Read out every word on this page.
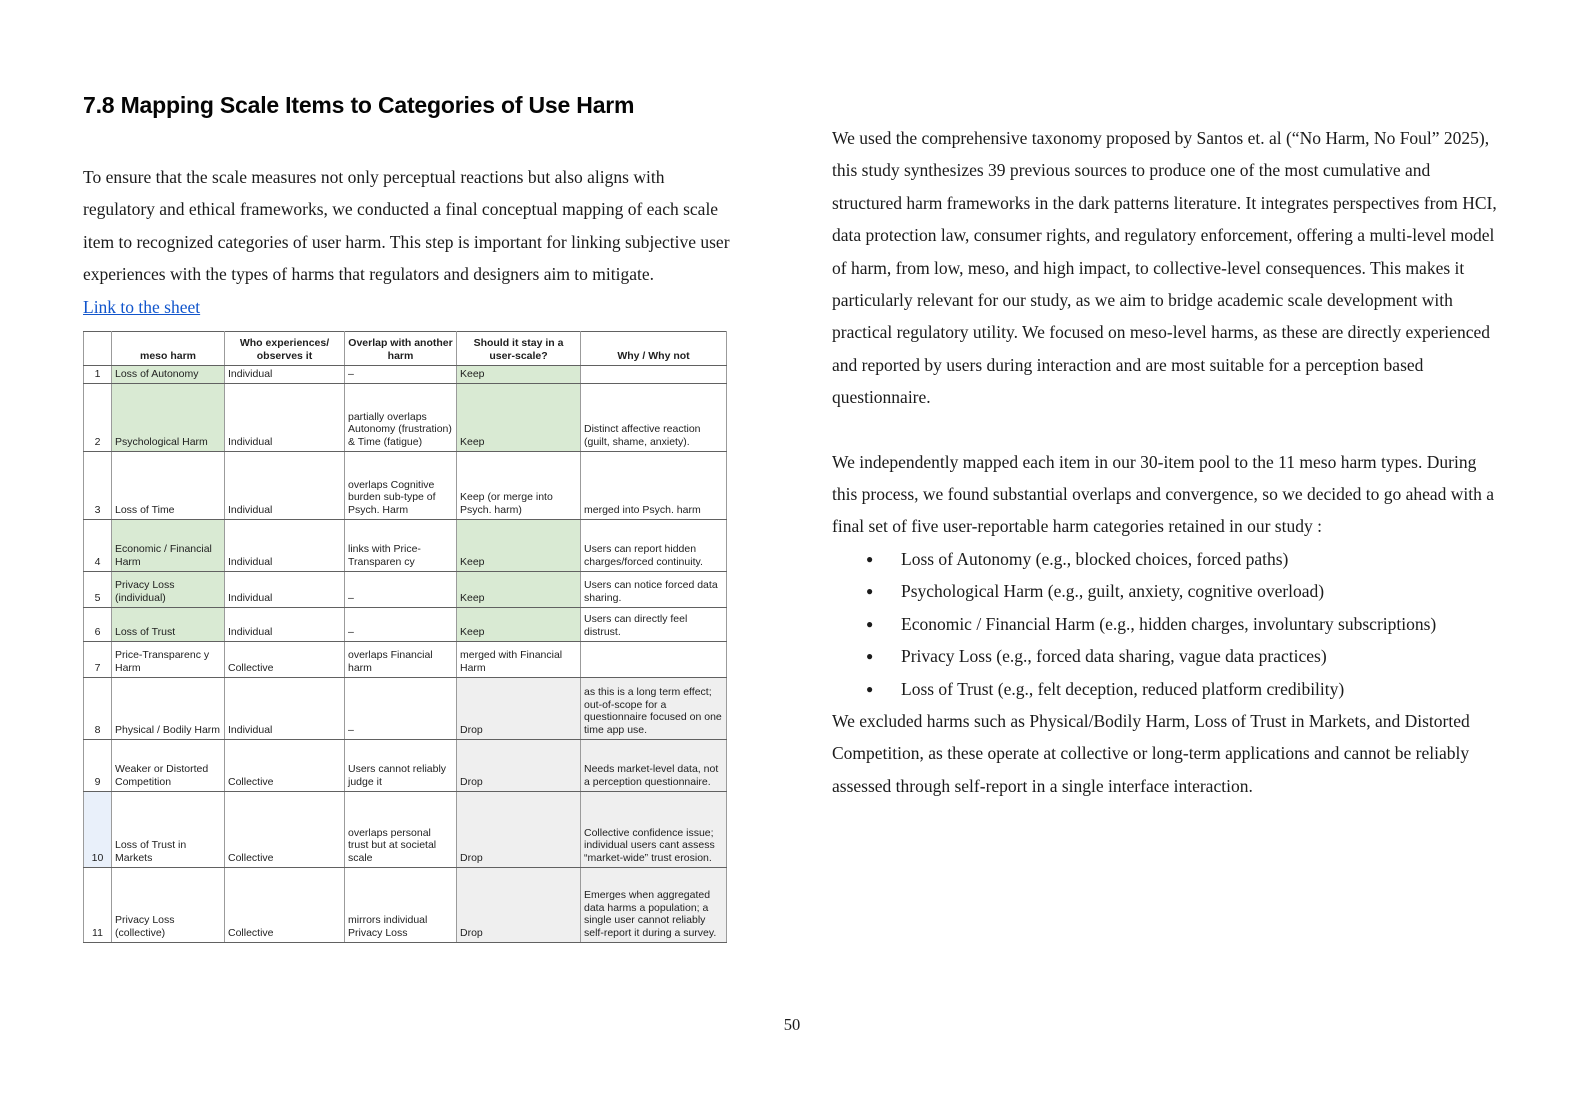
7.8 Mapping Scale Items to Categories of Use Harm

To ensure that the scale measures not only perceptual reactions but also aligns with regulatory and ethical frameworks, we conducted a final conceptual mapping of each scale item to recognized categories of user harm. This step is important for linking subjective user experiences with the types of harms that regulators and designers aim to mitigate.
Link to the sheet

	meso harm	Who experiences/ observes it	Overlap with another harm	Should it stay in a user-scale?	Why / Why not
1	Loss of Autonomy	Individual	–	Keep	
2	Psychological Harm	Individual	partially overlaps Autonomy (frustration) & Time (fatigue)	Keep	Distinct affective reaction (guilt, shame, anxiety).
3	Loss of Time	Individual	overlaps Cognitive burden sub-type of Psych. Harm	Keep (or merge into Psych. harm)	merged into Psych. harm
4	Economic / Financial Harm	Individual	links with Price-Transparen cy	Keep	Users can report hidden charges/forced continuity.
5	Privacy Loss (individual)	Individual	–	Keep	Users can notice forced data sharing.
6	Loss of Trust	Individual	–	Keep	Users can directly feel distrust.
7	Price-Transparenc y Harm	Collective	overlaps Financial harm	merged with Financial Harm	
8	Physical / Bodily Harm	Individual	–	Drop	as this is a long term effect; out-of-scope for a questionnaire focused on one time app use.
9	Weaker or Distorted Competition	Collective	Users cannot reliably judge it	Drop	Needs market-level data, not a perception questionnaire.
10	Loss of Trust in Markets	Collective	overlaps personal trust but at societal scale	Drop	Collective confidence issue; individual users cant assess “market-wide” trust erosion.
11	Privacy Loss (collective)	Collective	mirrors individual Privacy Loss	Drop	Emerges when aggregated data harms a population; a single user cannot reliably self-report it during a survey.

We used the comprehensive taxonomy proposed by Santos et. al (“No Harm, No Foul” 2025), this study synthesizes 39 previous sources to produce one of the most cumulative and structured harm frameworks in the dark patterns literature. It integrates perspectives from HCI, data protection law, consumer rights, and regulatory enforcement, offering a multi-level model of harm, from low, meso, and high impact, to collective-level consequences. This makes it particularly relevant for our study, as we aim to bridge academic scale development with practical regulatory utility. We focused on meso-level harms, as these are directly experienced and reported by users during interaction and are most suitable for a perception based questionnaire.

We independently mapped each item in our 30-item pool to the 11 meso harm types. During this process, we found substantial overlaps and convergence, so we decided to go ahead with a final set of five user-reportable harm categories retained in our study :

● Loss of Autonomy (e.g., blocked choices, forced paths)
● Psychological Harm (e.g., guilt, anxiety, cognitive overload)
● Economic / Financial Harm (e.g., hidden charges, involuntary subscriptions)
● Privacy Loss (e.g., forced data sharing, vague data practices)
● Loss of Trust (e.g., felt deception, reduced platform credibility)

We excluded harms such as Physical/Bodily Harm, Loss of Trust in Markets, and Distorted Competition, as these operate at collective or long-term applications and cannot be reliably assessed through self-report in a single interface interaction.

50
